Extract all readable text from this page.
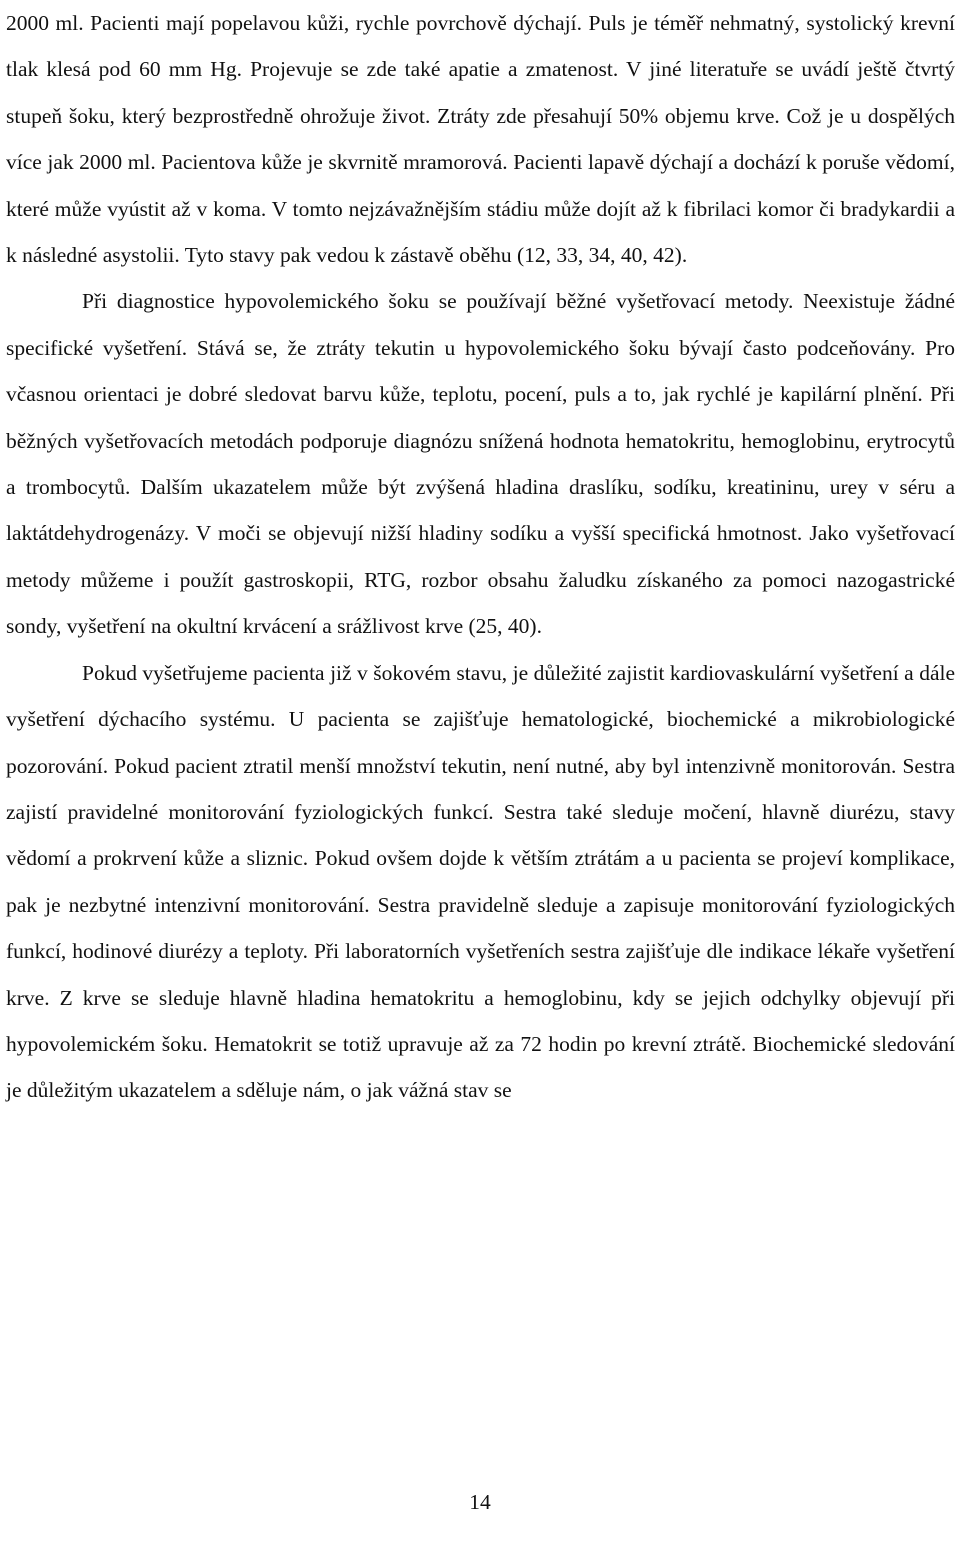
2000 ml. Pacienti mají popelavou kůži, rychle povrchově dýchají. Puls je téměř nehmatný, systolický krevní tlak klesá pod 60 mm Hg. Projevuje se zde také apatie a zmatenost. V jiné literatuře se uvádí ještě čtvrtý stupeň šoku, který bezprostředně ohrožuje život. Ztráty zde přesahují 50% objemu krve. Což je u dospělých více jak 2000 ml. Pacientova kůže je skvrnitě mramorová. Pacienti lapavě dýchají a dochází k poruše vědomí, které může vyústit až v koma. V tomto nejzávažnějším stádiu může dojít až k fibrilaci komor či bradykardii a k následné asystolii. Tyto stavy pak vedou k zástavě oběhu (12, 33, 34, 40, 42).

Při diagnostice hypovolemického šoku se používají běžné vyšetřovací metody. Neexistuje žádné specifické vyšetření. Stává se, že ztráty tekutin u hypovolemického šoku bývají často podceňovány. Pro včasnou orientaci je dobré sledovat barvu kůže, teplotu, pocení, puls a to, jak rychlé je kapilární plnění. Při běžných vyšetřovacích metodách podporuje diagnózu snížená hodnota hematokritu, hemoglobinu, erytrocytů a trombocytů. Dalším ukazatelem může být zvýšená hladina draslíku, sodíku, kreatininu, urey v séru a laktátdehydrogenázy. V moči se objevují nižší hladiny sodíku a vyšší specifická hmotnost. Jako vyšetřovací metody můžeme i použít gastroskopii, RTG, rozbor obsahu žaludku získaného za pomoci nazogastrické sondy, vyšetření na okultní krvácení a srážlivost krve (25, 40).

Pokud vyšetřujeme pacienta již v šokovém stavu, je důležité zajistit kardiovaskulární vyšetření a dále vyšetření dýchacího systému. U pacienta se zajišťuje hematologické, biochemické a mikrobiologické pozorování. Pokud pacient ztratil menší množství tekutin, není nutné, aby byl intenzivně monitorován. Sestra zajistí pravidelné monitorování fyziologických funkcí. Sestra také sleduje močení, hlavně diurézu, stavy vědomí a prokrvení kůže a sliznic. Pokud ovšem dojde k větším ztrátám a u pacienta se projeví komplikace, pak je nezbytné intenzivní monitorování. Sestra pravidelně sleduje a zapisuje monitorování fyziologických funkcí, hodinové diurézy a teploty. Při laboratorních vyšetřeních sestra zajišťuje dle indikace lékaře vyšetření krve. Z krve se sleduje hlavně hladina hematokritu a hemoglobinu, kdy se jejich odchylky objevují při hypovolemickém šoku. Hematokrit se totiž upravuje až za 72 hodin po krevní ztrátě. Biochemické sledování je důležitým ukazatelem a sděluje nám, o jak vážná stav se

14
